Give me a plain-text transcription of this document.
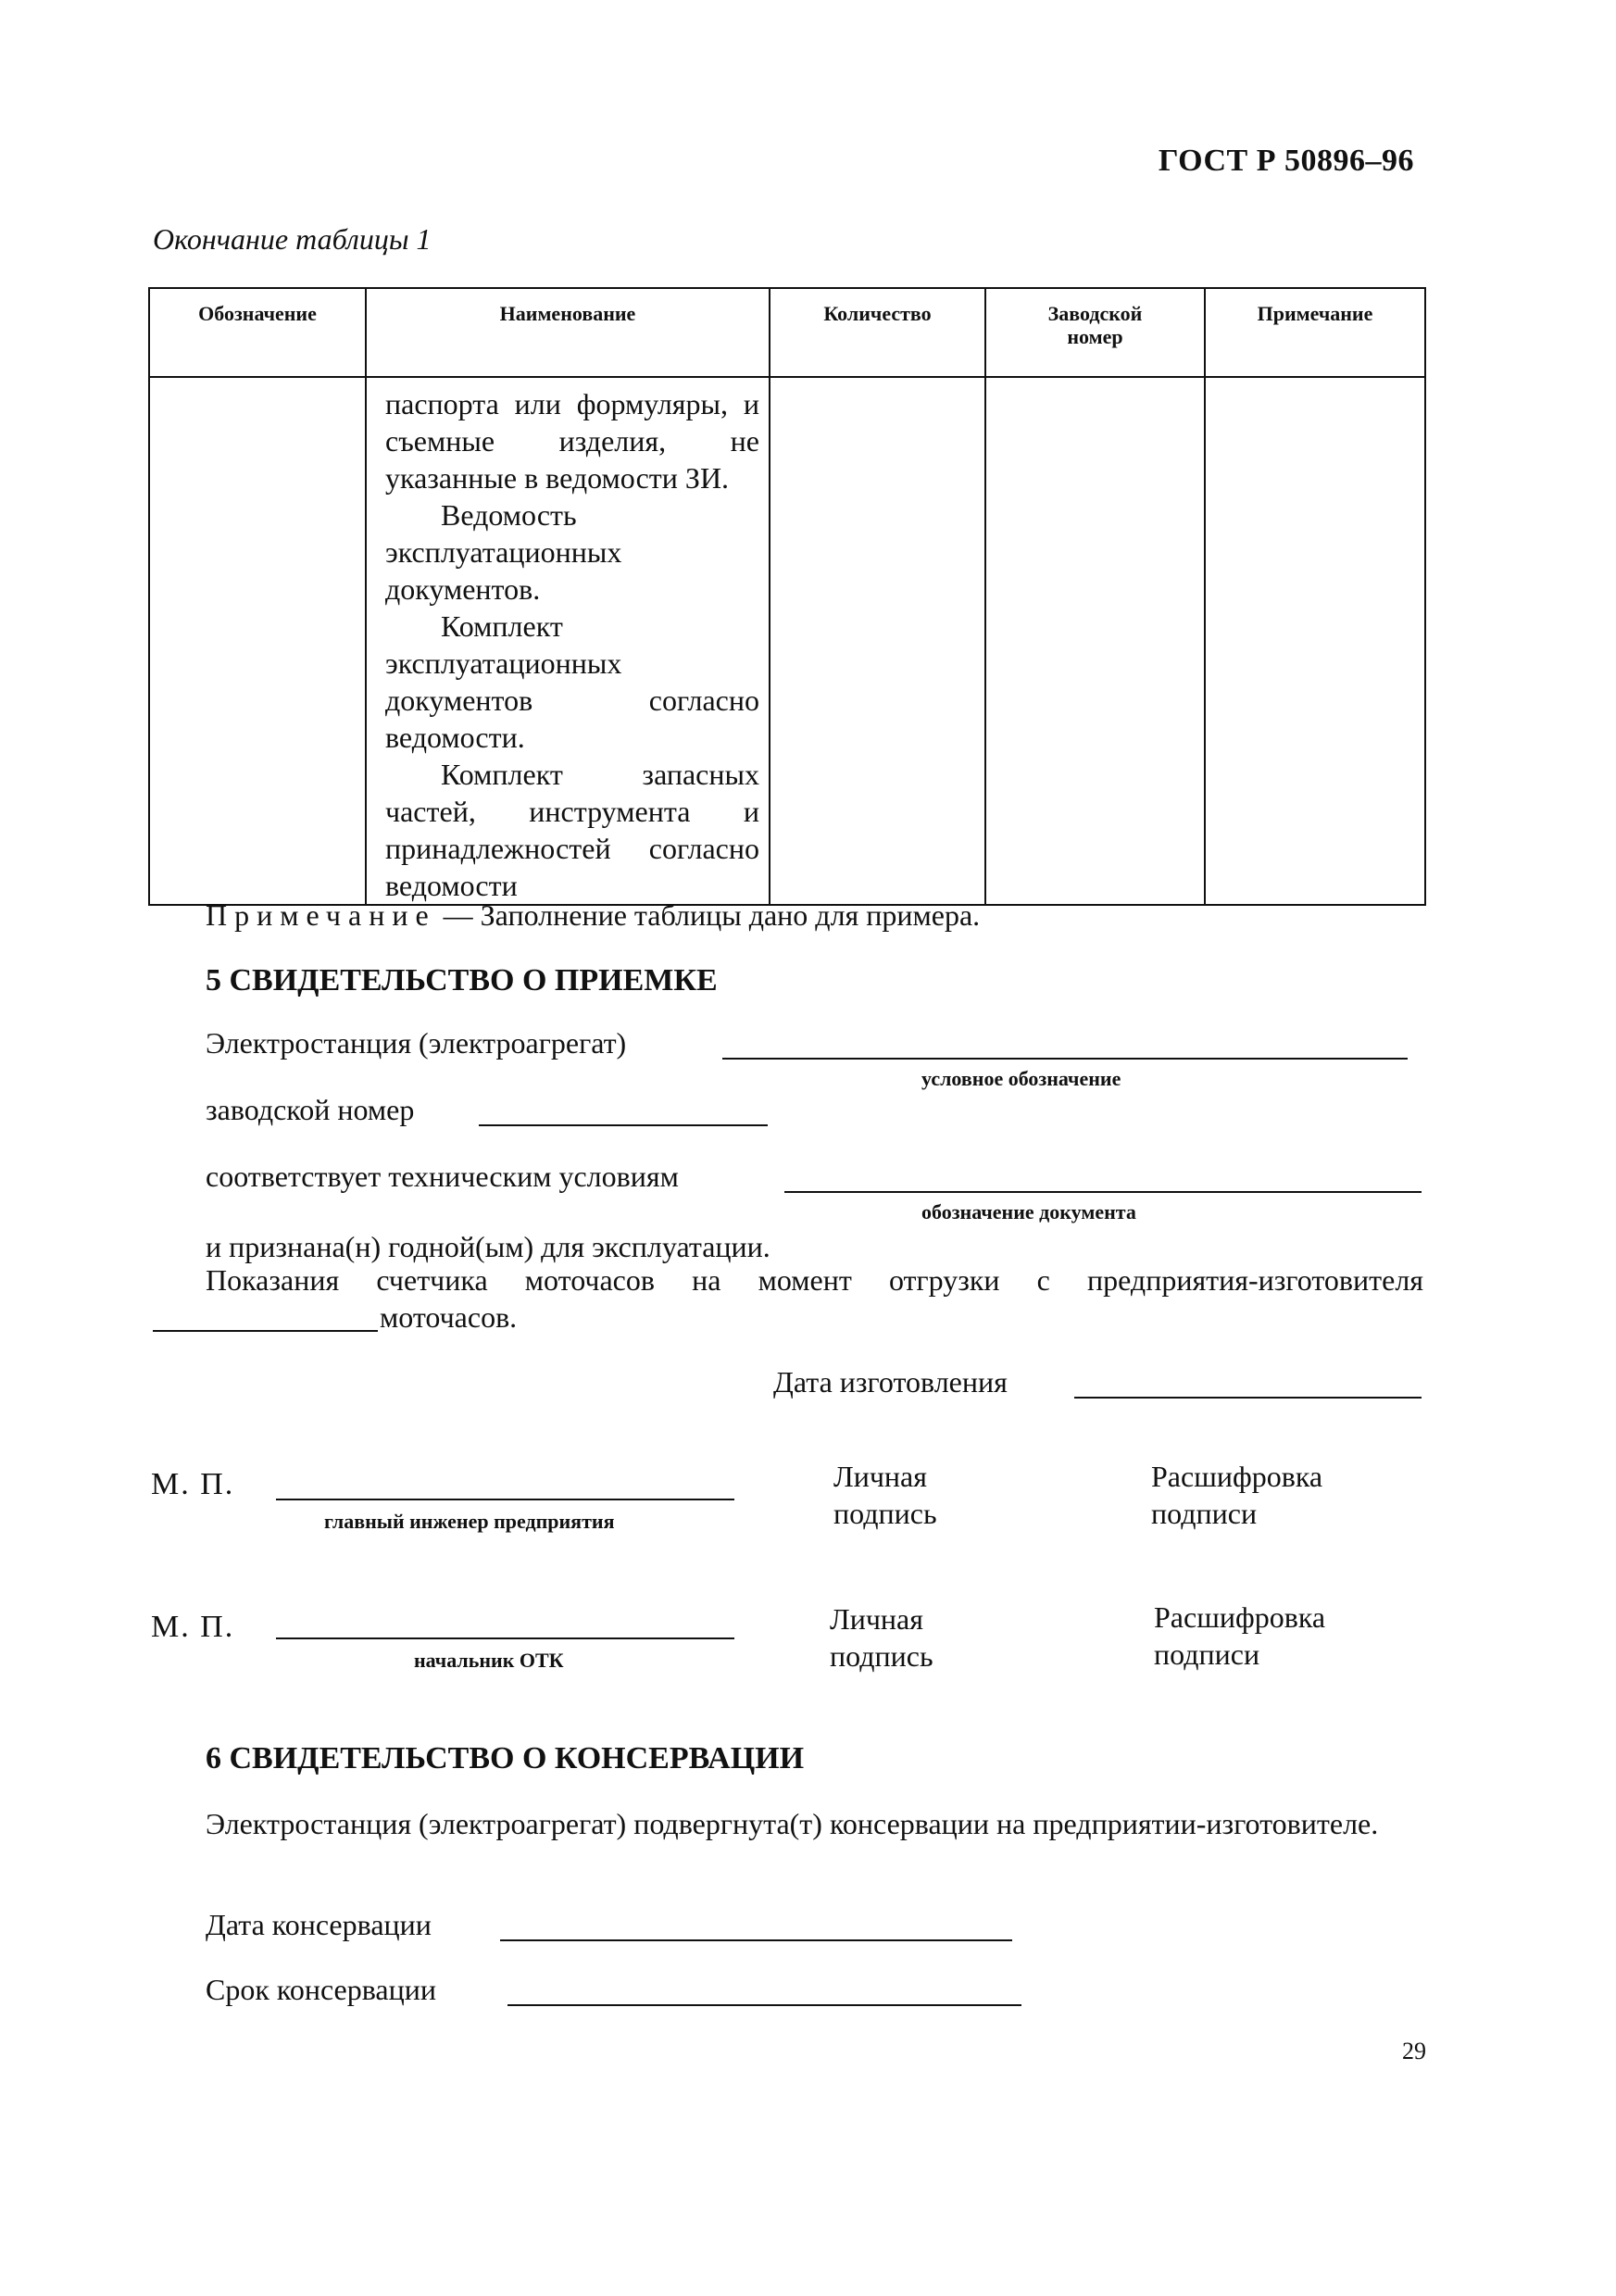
ГОСТ Р 50896–96
Окончание таблицы 1
Обозначение	Наименование	Количество	Заводской номер	Примечание

	паспорта или формуляры, и съемные изделия, не указанные в ведомости ЗИ.

Ведомость эксплуатационных документов.

Комплект эксплуатационных документов согласно ведомости.

Комплект запасных частей, инструмента и принадлежностей согласно ведомости			

Примечание — Заполнение таблицы дано для примера.
5 СВИДЕТЕЛЬСТВО О ПРИЕМКЕ
Электростанция (электроагрегат)
условное обозначение
заводской номер
соответствует техническим условиям
обозначение документа
и признана(н) годной(ым) для эксплуатации.
Показания счетчика моточасов на момент отгрузки с предприятия-изготовителя
моточасов.
Дата изготовления
М. П.
главный инженер предприятия
Личная
подпись
Расшифровка
подписи
М. П.
начальник ОТК
Личная
подпись
Расшифровка
подписи
6 СВИДЕТЕЛЬСТВО О КОНСЕРВАЦИИ
Электростанция (электроагрегат) подвергнута(т) консервации на предприятии-изготовителе.
Дата консервации
Срок консервации
29
